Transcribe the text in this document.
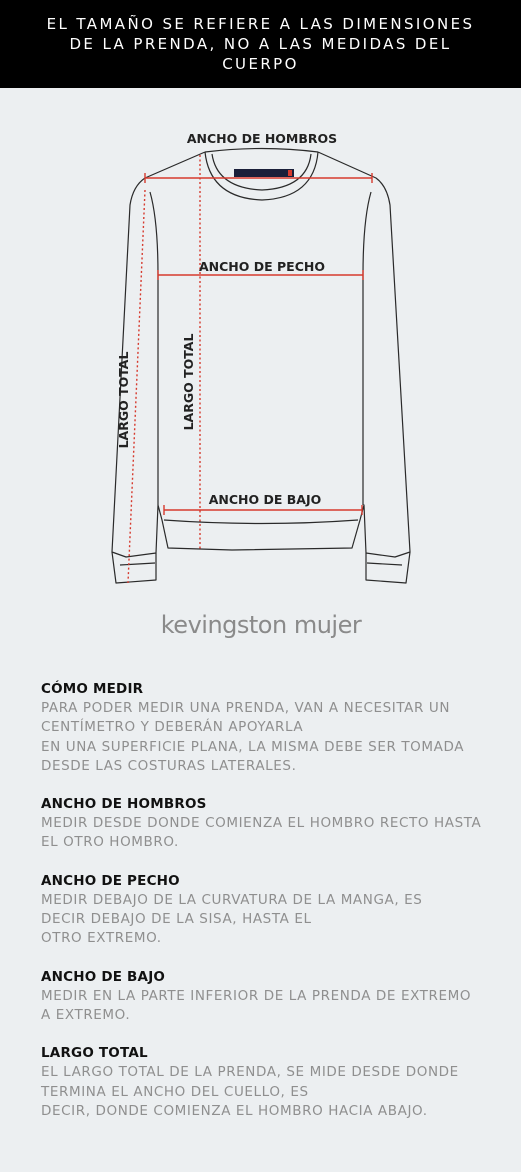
EL TAMAÑO SE REFIERE A LAS DIMENSIONES
DE LA PRENDA, NO A LAS MEDIDAS DEL
CUERPO
ANCHO DE HOMBROS
ANCHO DE PECHO
ANCHO DE BAJO
LARGO TOTAL	LARGO TOTAL
kevingston mujer
CÓMO MEDIR

PARA PODER MEDIR UNA PRENDA, VAN A NECESITAR UN
CENTÍMETRO Y DEBERÁN APOYARLA
EN UNA SUPERFICIE PLANA, LA MISMA DEBE SER TOMADA
DESDE LAS COSTURAS LATERALES.

ANCHO DE HOMBROS

MEDIR DESDE DONDE COMIENZA EL HOMBRO RECTO HASTA
EL OTRO HOMBRO.

ANCHO DE PECHO

MEDIR DEBAJO DE LA CURVATURA DE LA MANGA, ES
DECIR DEBAJO DE LA SISA, HASTA EL
OTRO EXTREMO.

ANCHO DE BAJO

MEDIR EN LA PARTE INFERIOR DE LA PRENDA DE EXTREMO
A EXTREMO.

LARGO TOTAL

EL LARGO TOTAL DE LA PRENDA, SE MIDE DESDE DONDE
TERMINA EL ANCHO DEL CUELLO, ES
DECIR, DONDE COMIENZA EL HOMBRO HACIA ABAJO.
